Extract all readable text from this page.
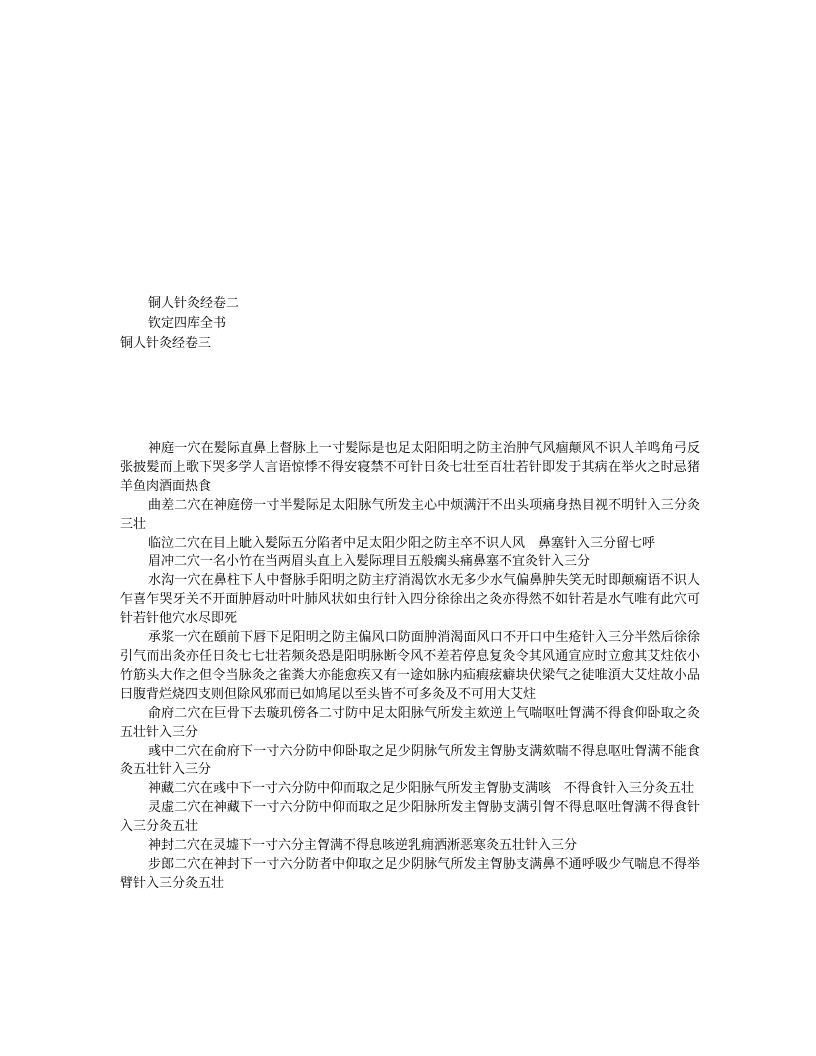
铜人针灸经卷二
钦定四库全书
铜人针灸经卷三

神庭一穴在髪际直鼻上督脉上一寸髪际是也足太阳阳明之防主治肿气风痼颠风不识人羊鸣角弓反张披髪而上歌下哭多学人言语惊悸不得安寝禁不可针日灸七壮至百壮若针即发于其病在举火之时忌猪羊鱼肉酒面热食

曲差二穴在神庭傍一寸半髪际足太阳脉气所发主心中烦满汗不出头项痛身热目视不明针入三分灸三壮

临泣二穴在目上眦入髪际五分陷者中足太阳少阳之防主卒不识人风　鼻塞针入三分留七呼

眉冲二穴一名小竹在当两眉头直上入髪际理目五般瘸头痛鼻塞不宜灸针入三分

水沟一穴在鼻柱下人中督脉手阳明之防主疗消渴饮水无多少水气偏鼻肿失笑无时即颠痫语不识人乍喜乍哭牙关不开面肿唇动叶叶肺风状如虫行针入四分徐徐出之灸亦得然不如针若是水气唯有此穴可针若针他穴水尽即死

承浆一穴在頤前下唇下足阳明之防主偏风口防面肿消渴面风口不开口中生疮针入三分半然后徐徐引气而出灸亦任日灸七七壮若频灸恐是阳明脉断令风不差若停息复灸令其风通宣应时立愈其艾炷依小竹筋头大作之但令当脉灸之雀粪大亦能愈疾又有一途如脉内疝瘕痃癖块伏梁气之徒唯湏大艾炷故小品曰腹背烂烧四支则但除风邪而已如鸠尾以至头皆不可多灸及不可用大艾炷

俞府二穴在巨骨下去璇玑傍各二寸防中足太阳脉气所发主欬逆上气喘呕吐胷满不得食仰卧取之灸五壮针入三分

彧中二穴在俞府下一寸六分防中仰卧取之足少阴脉气所发主胷胁支满欬喘不得息呕吐胷满不能食灸五壮针入三分

神藏二穴在彧中下一寸六分防中仰而取之足少阳脉气所发主胷胁支满咳　不得食针入三分灸五壮

灵虚二穴在神藏下一寸六分防中仰而取之足少阳脉所发主胷胁支满引胷不得息呕吐胷满不得食针入三分灸五壮

神封二穴在灵墟下一寸六分主胷满不得息咳逆乳痈洒淅恶寒灸五壮针入三分

步郎二穴在神封下一寸六分防者中仰取之足少阴脉气所发主胷胁支满鼻不通呼吸少气喘息不得举臂针入三分灸五壮
